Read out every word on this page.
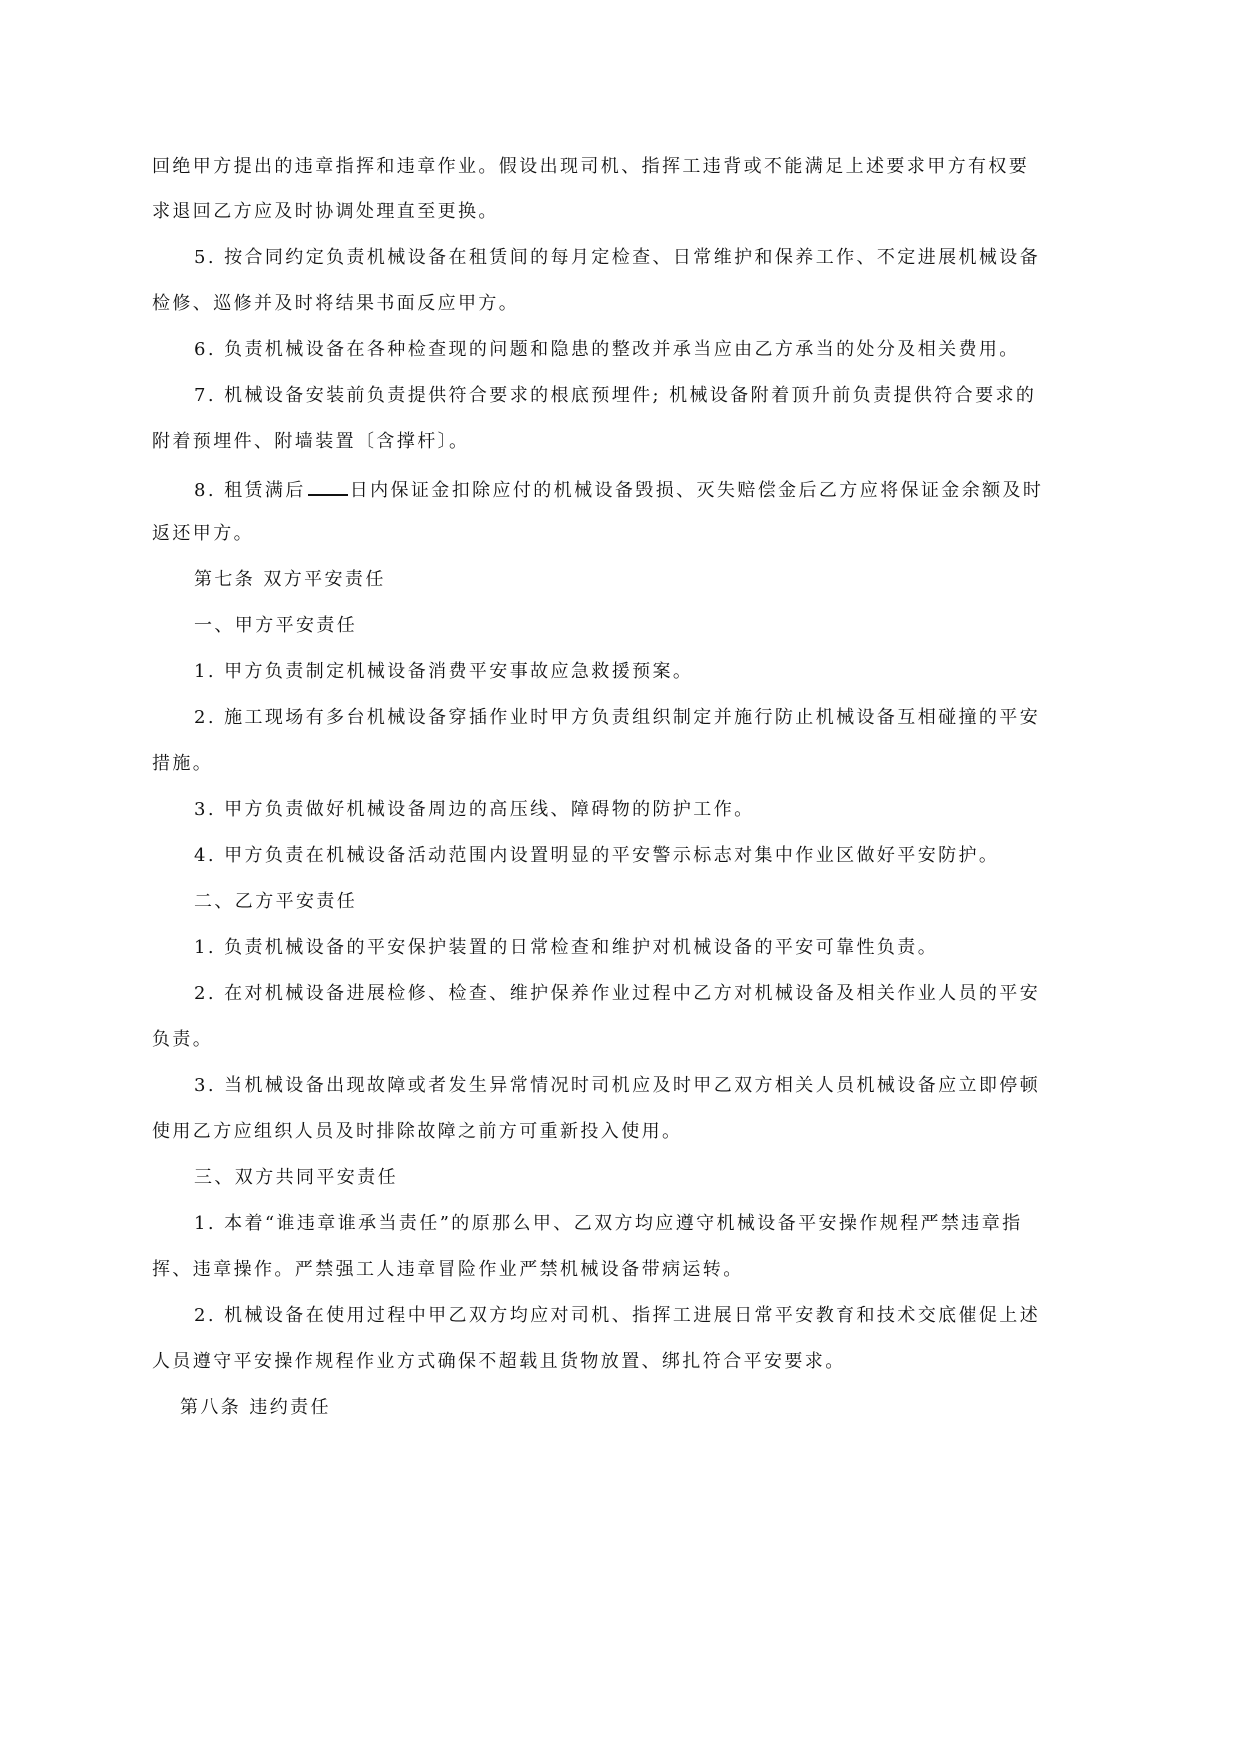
回绝甲方提出的违章指挥和违章作业。假设出现司机、指挥工违背或不能满足上述要求甲方有权要
求退回乙方应及时协调处理直至更换。
5. 按合同约定负责机械设备在租赁间的每月定检查、日常维护和保养工作、不定进展机械设备
检修、巡修并及时将结果书面反应甲方。
6. 负责机械设备在各种检查现的问题和隐患的整改并承当应由乙方承当的处分及相关费用。
7. 机械设备安装前负责提供符合要求的根底预埋件; 机械设备附着顶升前负责提供符合要求的
附着预埋件、附墙装置〔含撑杆〕。
8. 租赁满后 日内保证金扣除应付的机械设备毁损、灭失赔偿金后乙方应将保证金余额及时
返还甲方。
第七条 双方平安责任
一、甲方平安责任
1. 甲方负责制定机械设备消费平安事故应急救援预案。
2. 施工现场有多台机械设备穿插作业时甲方负责组织制定并施行防止机械设备互相碰撞的平安
措施。
3. 甲方负责做好机械设备周边的高压线、障碍物的防护工作。
4. 甲方负责在机械设备活动范围内设置明显的平安警示标志对集中作业区做好平安防护。
二、乙方平安责任
1. 负责机械设备的平安保护装置的日常检查和维护对机械设备的平安可靠性负责。
2. 在对机械设备进展检修、检查、维护保养作业过程中乙方对机械设备及相关作业人员的平安
负责。
3. 当机械设备出现故障或者发生异常情况时司机应及时甲乙双方相关人员机械设备应立即停顿
使用乙方应组织人员及时排除故障之前方可重新投入使用。
三、双方共同平安责任
1. 本着“谁违章谁承当责任”的原那么甲、乙双方均应遵守机械设备平安操作规程严禁违章指
挥、违章操作。严禁强工人违章冒险作业严禁机械设备带病运转。
2. 机械设备在使用过程中甲乙双方均应对司机、指挥工进展日常平安教育和技术交底催促上述
人员遵守平安操作规程作业方式确保不超载且货物放置、绑扎符合平安要求。
第八条 违约责任
